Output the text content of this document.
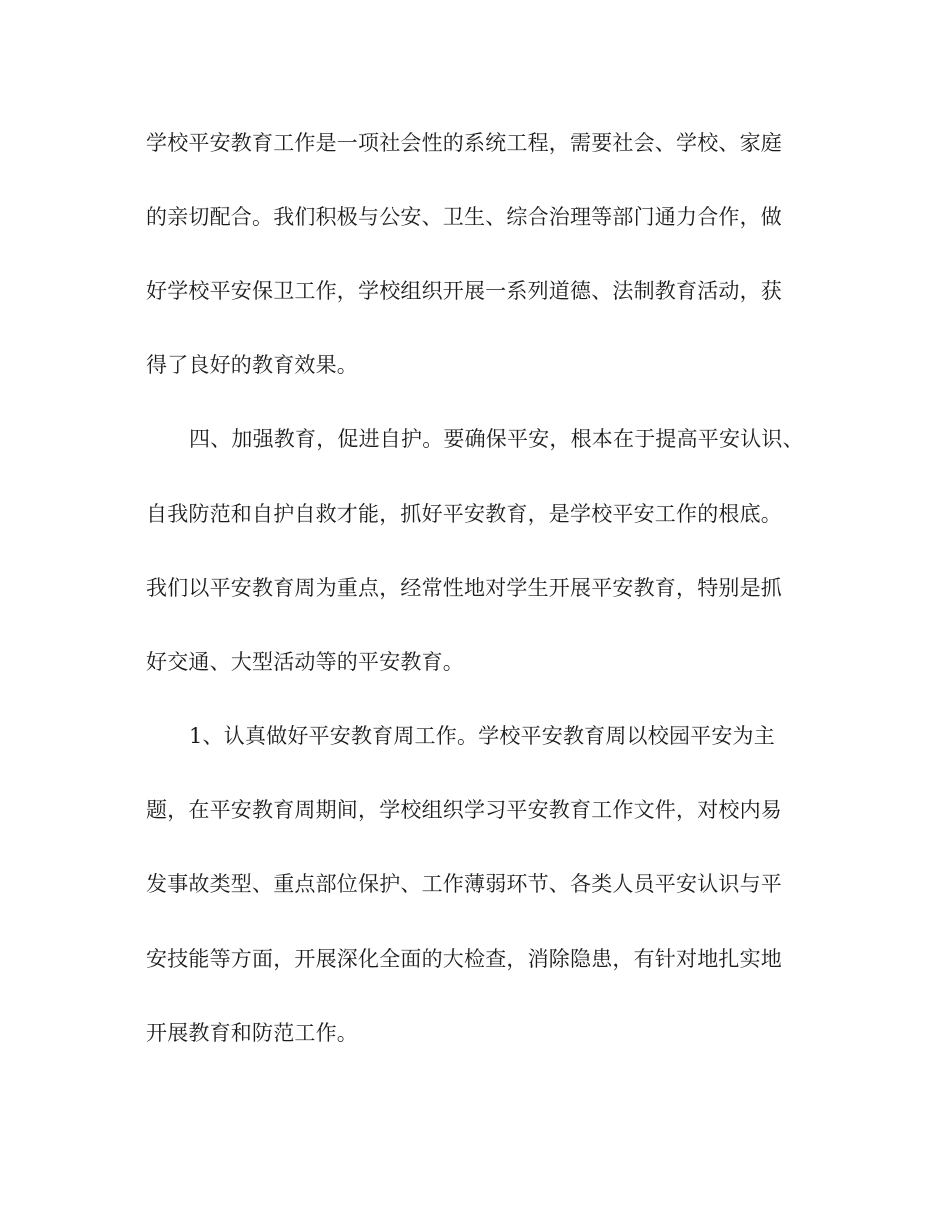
学校平安教育工作是一项社会性的系统工程，需要社会、学校、家庭
的亲切配合。我们积极与公安、卫生、综合治理等部门通力合作，做
好学校平安保卫工作，学校组织开展一系列道德、法制教育活动，获
得了良好的教育效果。
四、加强教育，促进自护。要确保平安，根本在于提高平安认识、
自我防范和自护自救才能，抓好平安教育，是学校平安工作的根底。
我们以平安教育周为重点，经常性地对学生开展平安教育，特别是抓
好交通、大型活动等的平安教育。
1、认真做好平安教育周工作。学校平安教育周以校园平安为主
题，在平安教育周期间，学校组织学习平安教育工作文件，对校内易
发事故类型、重点部位保护、工作薄弱环节、各类人员平安认识与平
安技能等方面，开展深化全面的大检查，消除隐患，有针对地扎实地
开展教育和防范工作。
